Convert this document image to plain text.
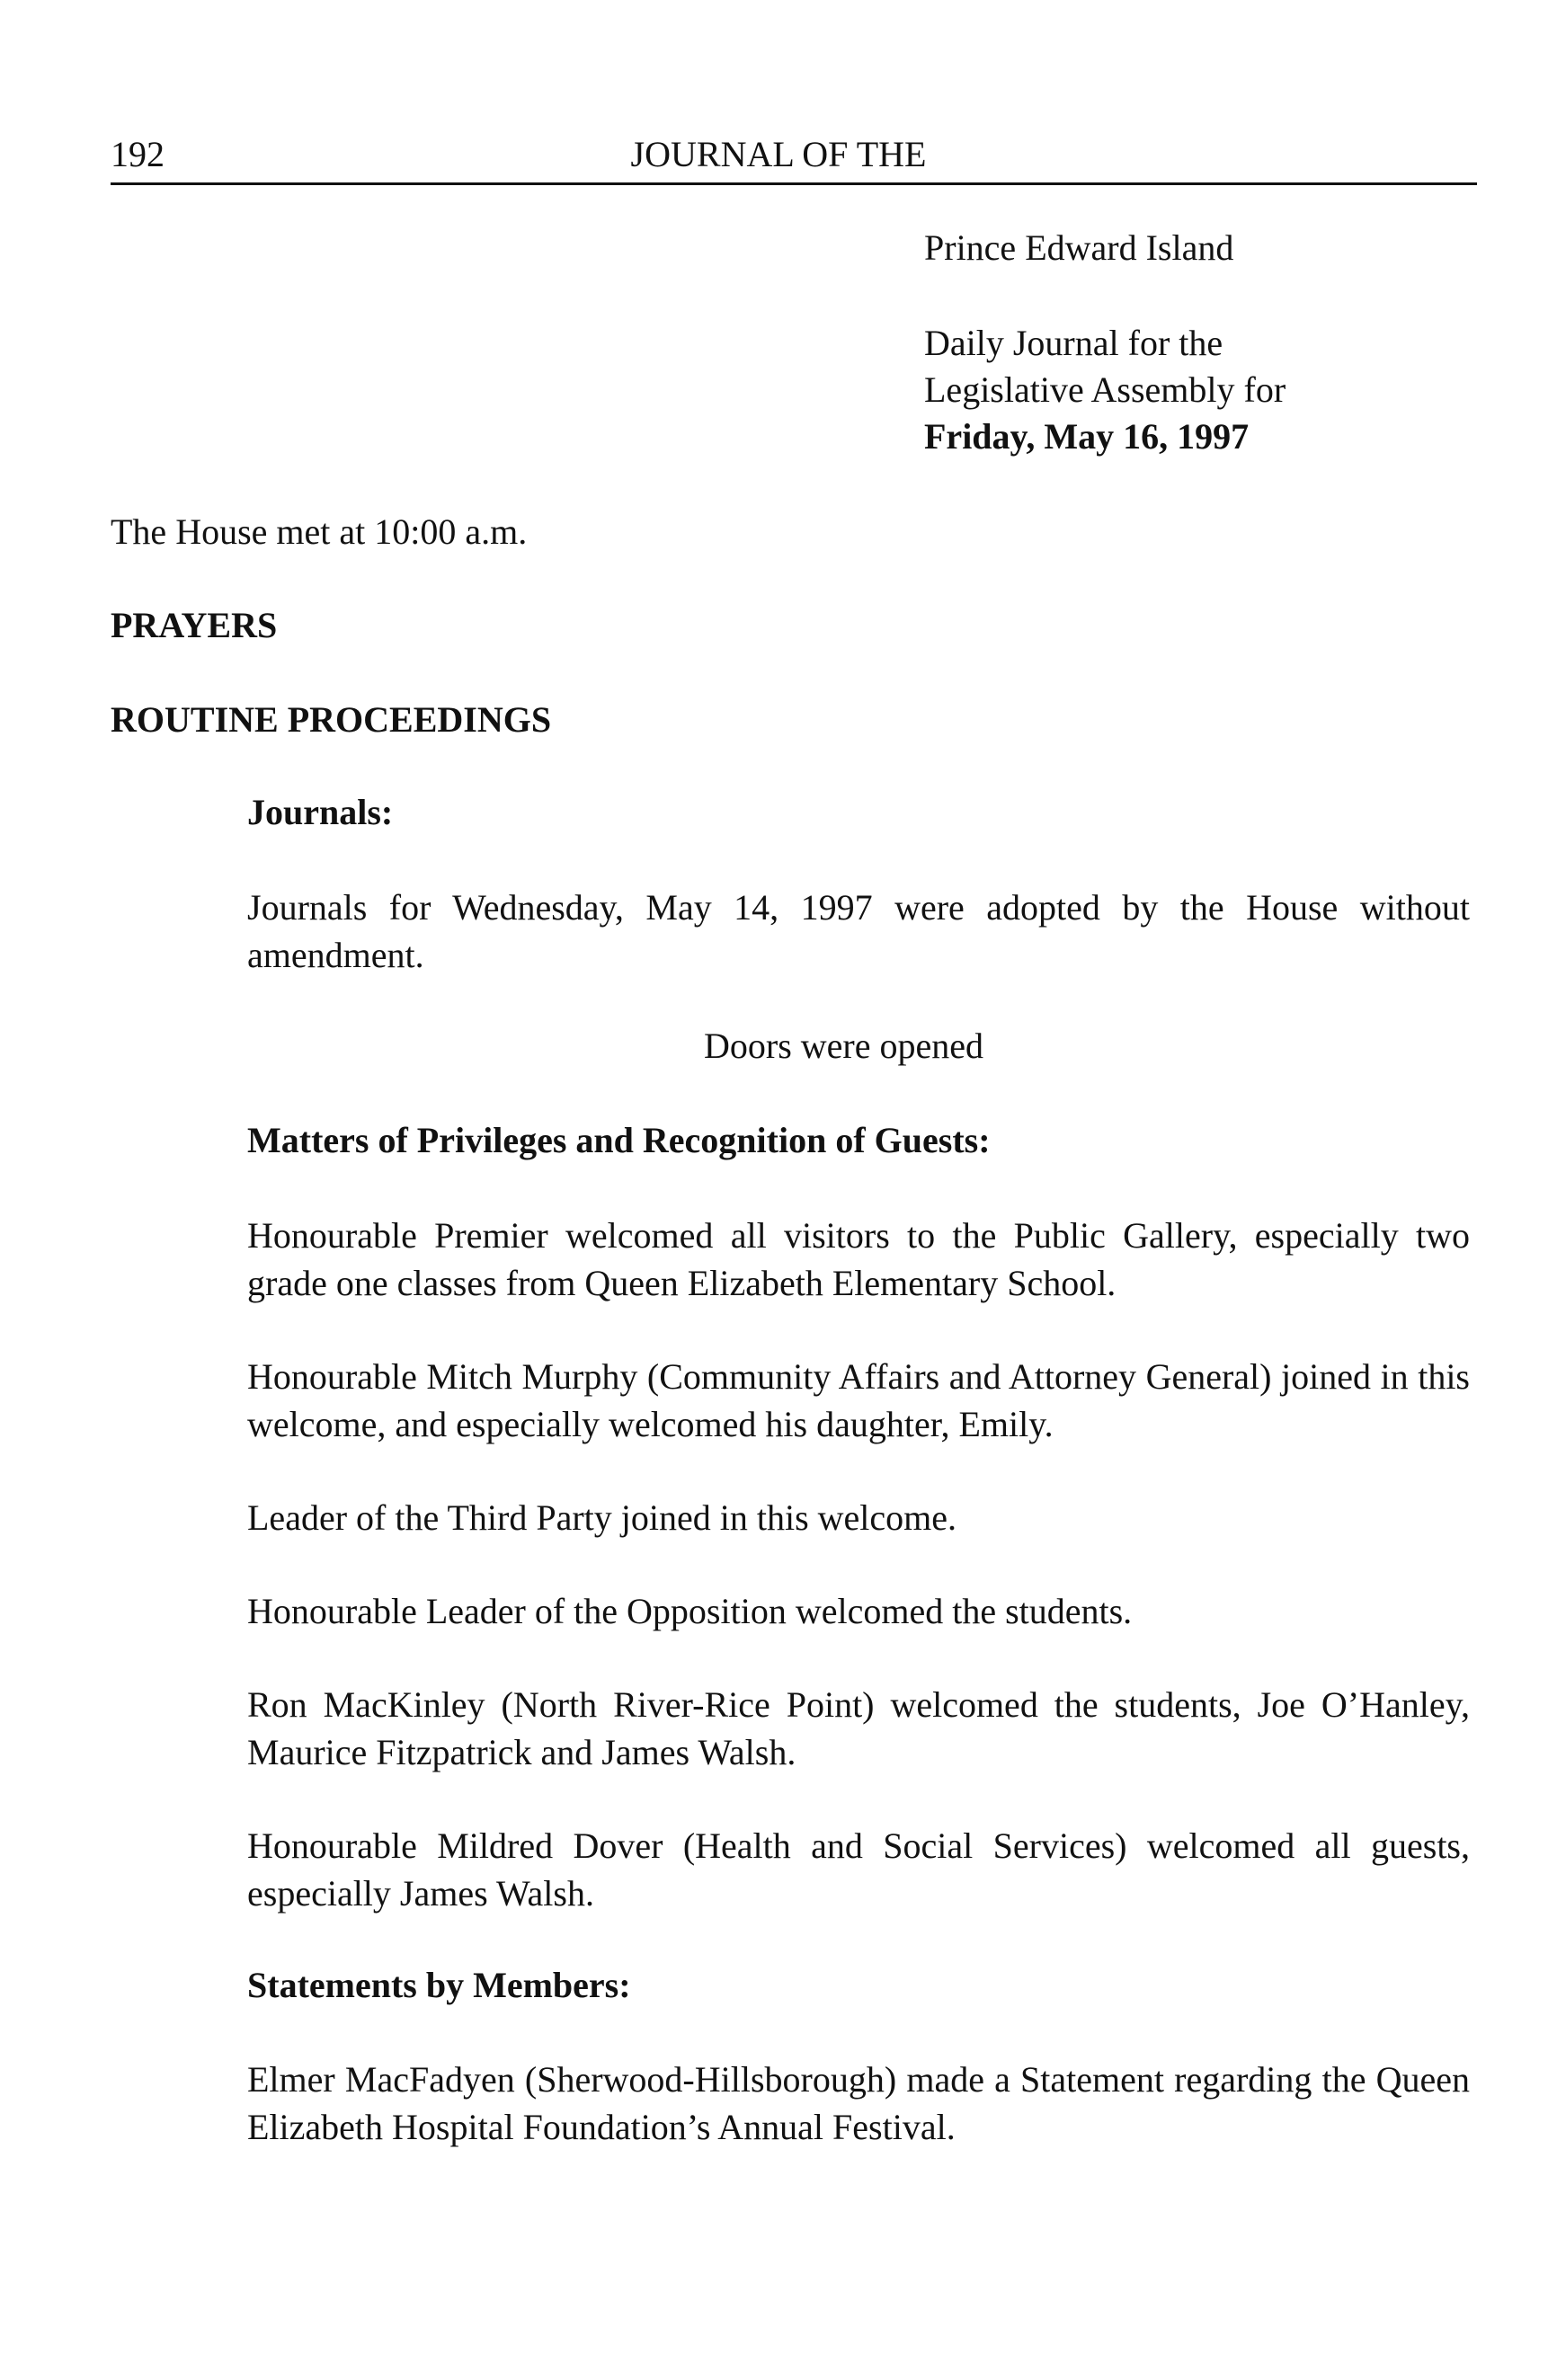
JOURNAL OF THE
192
Prince Edward Island
Daily Journal for the
Legislative Assembly for
Friday, May 16, 1997
The House met at 10:00 a.m.
PRAYERS
ROUTINE PROCEEDINGS
Journals:
Journals for Wednesday, May 14, 1997 were adopted by the House without amendment.
Doors were opened
Matters of Privileges and Recognition of Guests:
Honourable Premier welcomed all visitors to the Public Gallery, especially two grade one classes from Queen Elizabeth Elementary School.
Honourable Mitch Murphy (Community Affairs and Attorney General) joined in this welcome, and especially welcomed his daughter, Emily.
Leader of the Third Party joined in this welcome.
Honourable Leader of the Opposition welcomed the students.
Ron MacKinley (North River-Rice Point) welcomed the students, Joe O’Hanley, Maurice Fitzpatrick and James Walsh.
Honourable Mildred Dover (Health and Social Services) welcomed all guests, especially James Walsh.
Statements by Members:
Elmer MacFadyen (Sherwood-Hillsborough) made a Statement regarding the Queen Elizabeth Hospital Foundation’s Annual Festival.
